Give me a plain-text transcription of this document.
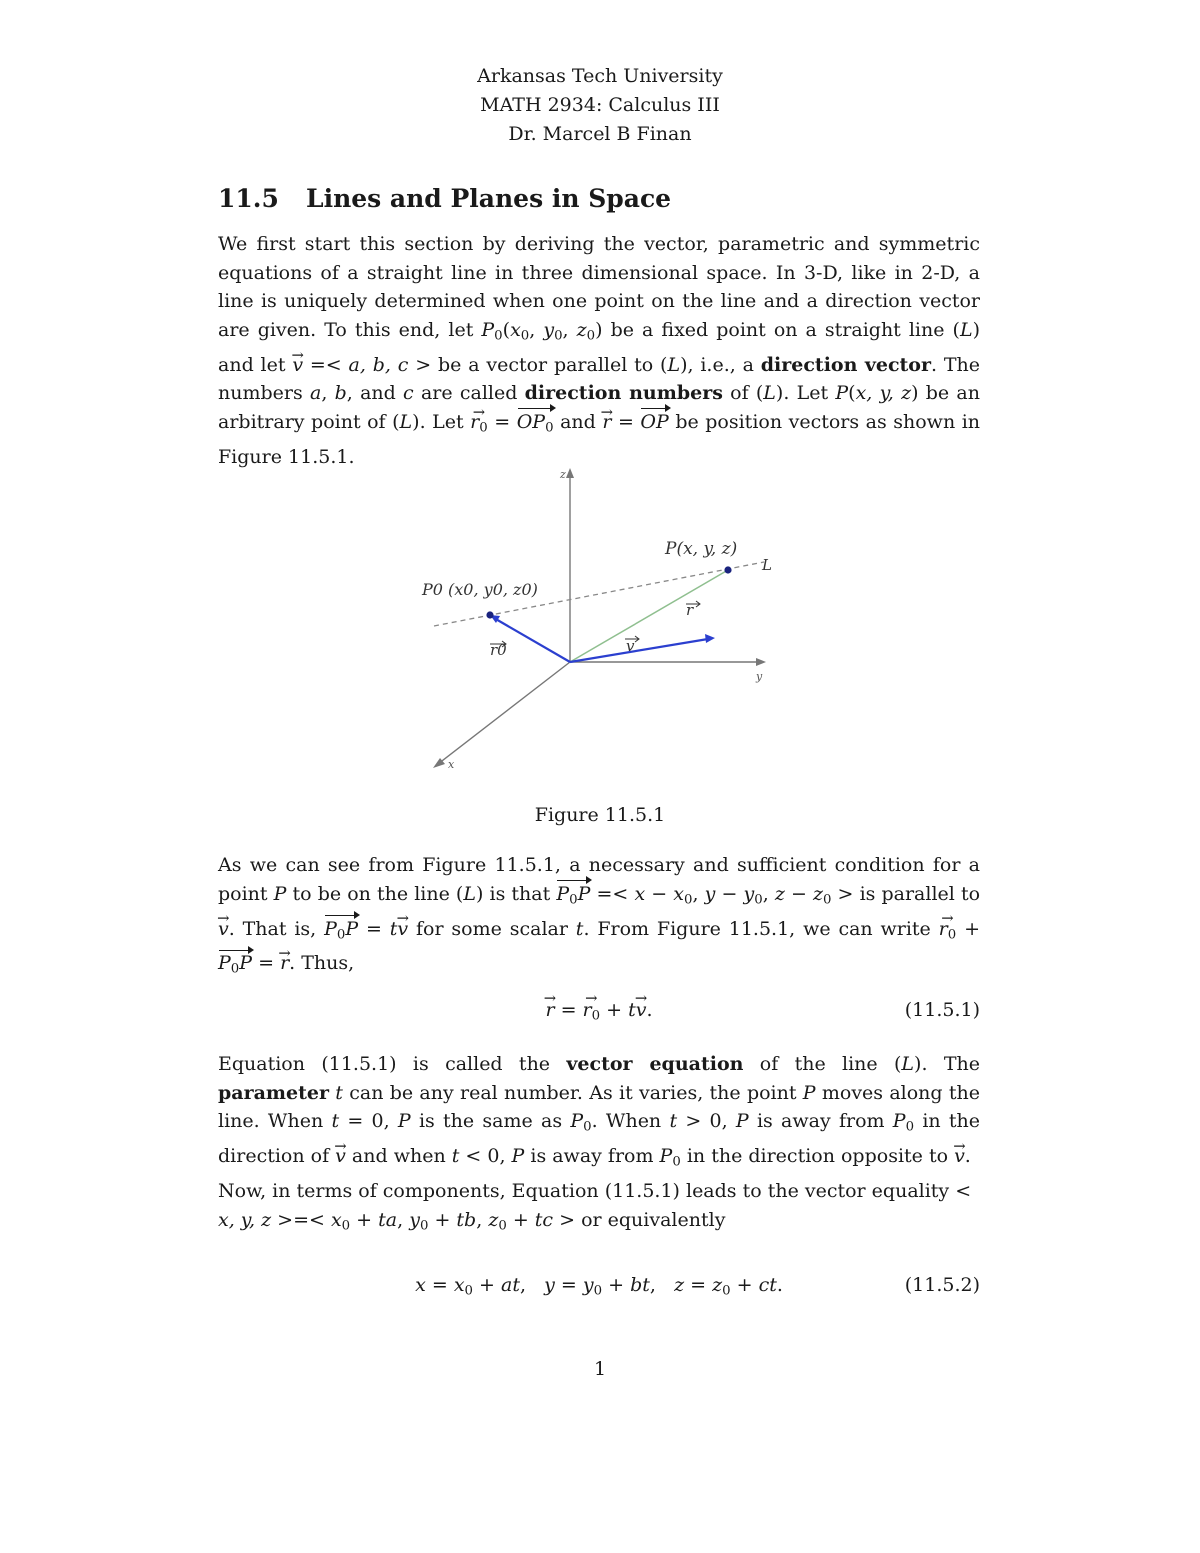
Arkansas Tech University
MATH 2934: Calculus III
Dr. Marcel B Finan
11.5 Lines and Planes in Space

We first start this section by deriving the vector, parametric and symmetric equations of a straight line in three dimensional space. In 3-D, like in 2-D, a line is uniquely determined when one point on the line and a direction vector are given. To this end, let $P_0(x_0$, $y_0$, $z_0$) be a fixed point on a straight line (L) and let → v =< a, b, c > be a vector parallel to (L), i.e., a direction vector. The numbers a, b, and c are called direction numbers of (L). Let P(x, y, z) be an arbitrary point of (L). Let → $r_0 = OP_0$ and → r = OP be position vectors as shown in Figure 11.5.1.

z
y
x
L
P(x, y, z)
P0 (x0, y0, z0)
r
r0	v
Figure 11.5.1

As we can see from Figure 11.5.1, a necessary and sufficient condition for a point P to be on the line (L) is that $P_0P =< x - x_0$, $y - y_0$, $z - z_0$ > is parallel to → v. That is, $P_0P = t\to v$ for some scalar t. From Figure 11.5.1, we can write → $r_0 + P_0P$ = → r. Thus,

→ r = → $r_0 + t\to v$.	(11.5.1)

Equation (11.5.1) is called the vector equation of the line (L). The parameter t can be any real number. As it varies, the point P moves along the line. When t = 0, P is the same as $P_0$. When t > 0, P is away from $P_0$ in the direction of → v and when t < 0, P is away from $P_0$ in the direction opposite to → v.

Now, in terms of components, Equation (11.5.1) leads to the vector equality < x, y, z >=< $x_0$ + ta, $y_0$ + tb, $z_0$ + tc > or equivalently

$x = x_0$ + at,   $y = y_0$ + bt,   $z = z_0$ + ct.	(11.5.2)
1
